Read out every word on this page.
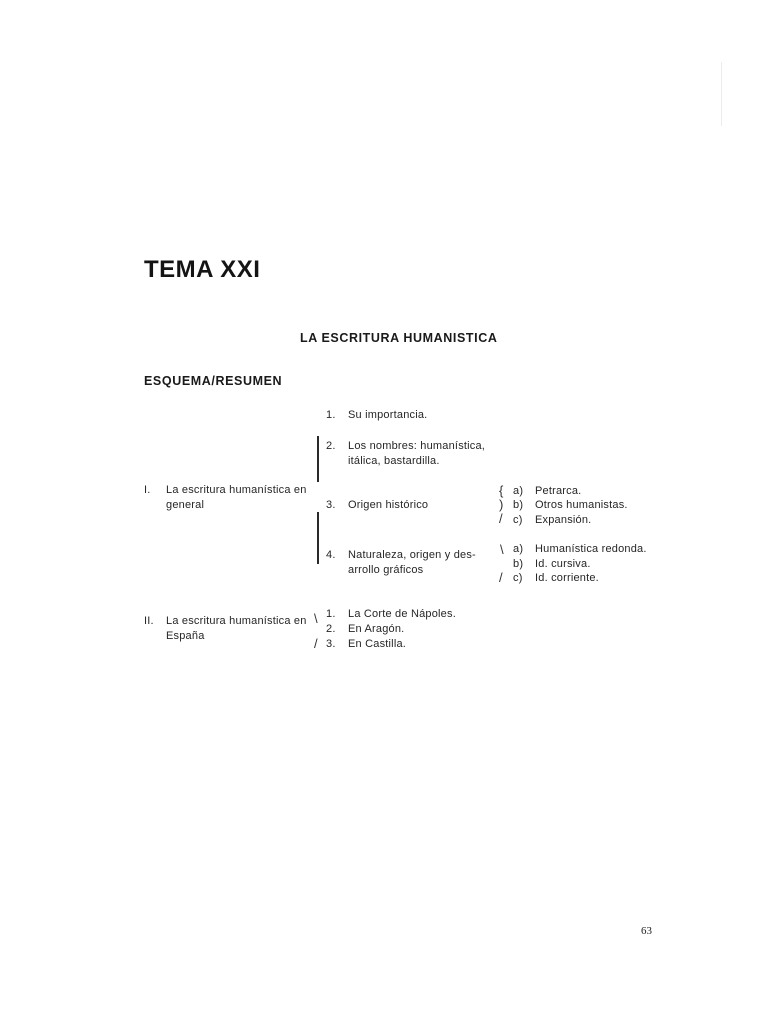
TEMA XXI
LA ESCRITURA HUMANISTICA
ESQUEMA/RESUMEN
I. La escritura humanística en
general
1. Su importancia.
2. Los nombres: humanística,
itálica, bastardilla.
3. Origen histórico
{
)
/
a) Petrarca.
b) Otros humanistas.
c) Expansión.
4. Naturaleza, origen y des-
arrollo gráficos
\
/
a) Humanística redonda.
b) Id. cursiva.
c) Id. corriente.
II. La escritura humanística en
España
\
/
1. La Corte de Nápoles.
2. En Aragón.
3. En Castilla.
63
